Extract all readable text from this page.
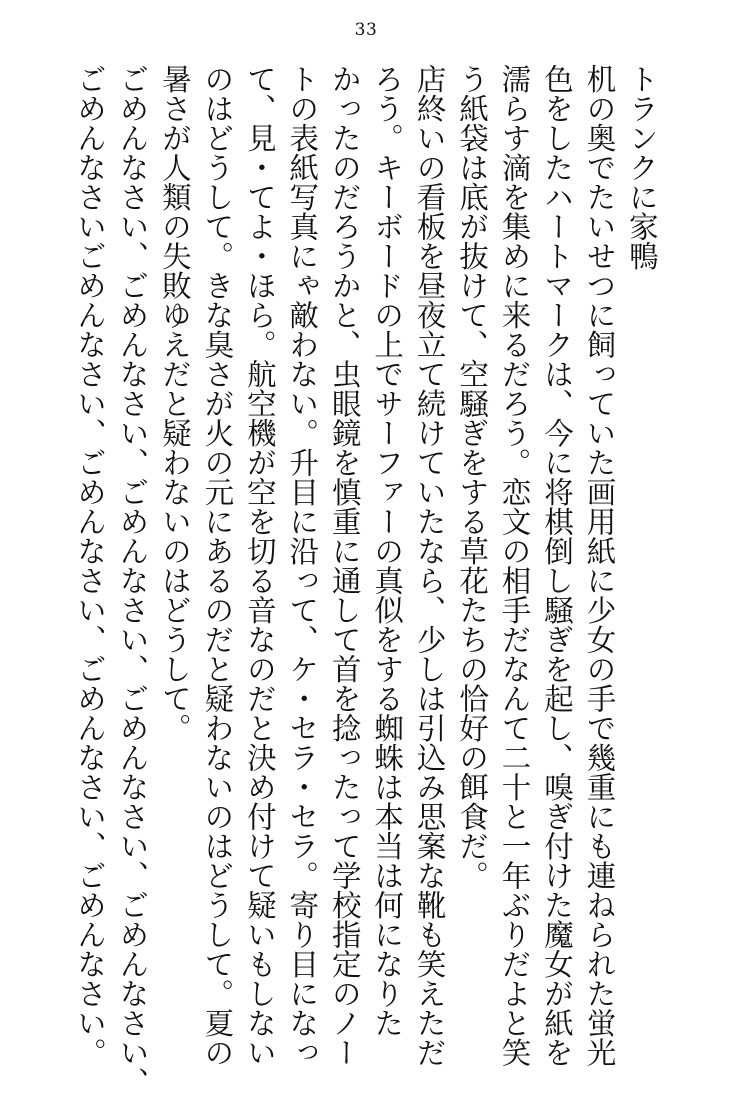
33
トランクに家鴨
机の奥でたいせつに飼っていた画用紙に少女の手で幾重にも連ねられた蛍光
色をしたハートマークは、今に将棋倒し騒ぎを起し、嗅ぎ付けた魔女が紙を
濡らす滴を集めに来るだろう。恋文の相手だなんて二十と一年ぶりだよと笑
う紙袋は底が抜けて、空騒ぎをする草花たちの恰好の餌食だ。
店終いの看板を昼夜立て続けていたなら、少しは引込み思案な靴も笑えただ
ろう。キーボードの上でサーファーの真似をする蜘蛛は本当は何になりた
かったのだろうかと、虫眼鏡を慎重に通して首を捻ったって学校指定のノー
トの表紙写真にゃ敵わない。升目に沿って、ケ・セラ・セラ。寄り目になっ
て、見・てよ・ほら。航空機が空を切る音なのだと決め付けて疑いもしない
のはどうして。きな臭さが火の元にあるのだと疑わないのはどうして。夏の
暑さが人類の失敗ゆえだと疑わないのはどうして。
ごめんなさい、ごめんなさい、ごめんなさい、ごめんなさい、ごめんなさい、
ごめんなさいごめんなさい、ごめんなさい、ごめんなさい、ごめんなさい。
